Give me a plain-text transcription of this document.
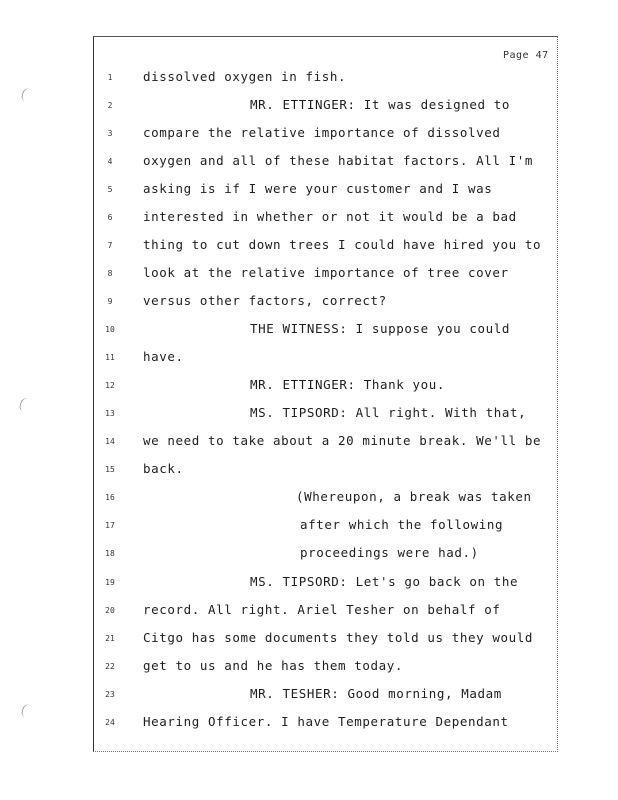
Page 47
1	dissolved oxygen in fish.
2	MR. ETTINGER: It was designed to
3	compare the relative importance of dissolved
4	oxygen and all of these habitat factors. All I'm
5	asking is if I were your customer and I was
6	interested in whether or not it would be a bad
7	thing to cut down trees I could have hired you to
8	look at the relative importance of tree cover
9	versus other factors, correct?
10	THE WITNESS: I suppose you could
11	have.
12	MR. ETTINGER: Thank you.
13	MS. TIPSORD: All right. With that,
14	we need to take about a 20 minute break. We'll be
15	back.
16	(Whereupon, a break was taken
17	after which the following
18	proceedings were had.)
19	MS. TIPSORD: Let's go back on the
20	record. All right. Ariel Tesher on behalf of
21	Citgo has some documents they told us they would
22	get to us and he has them today.
23	MR. TESHER: Good morning, Madam
24	Hearing Officer. I have Temperature Dependant
